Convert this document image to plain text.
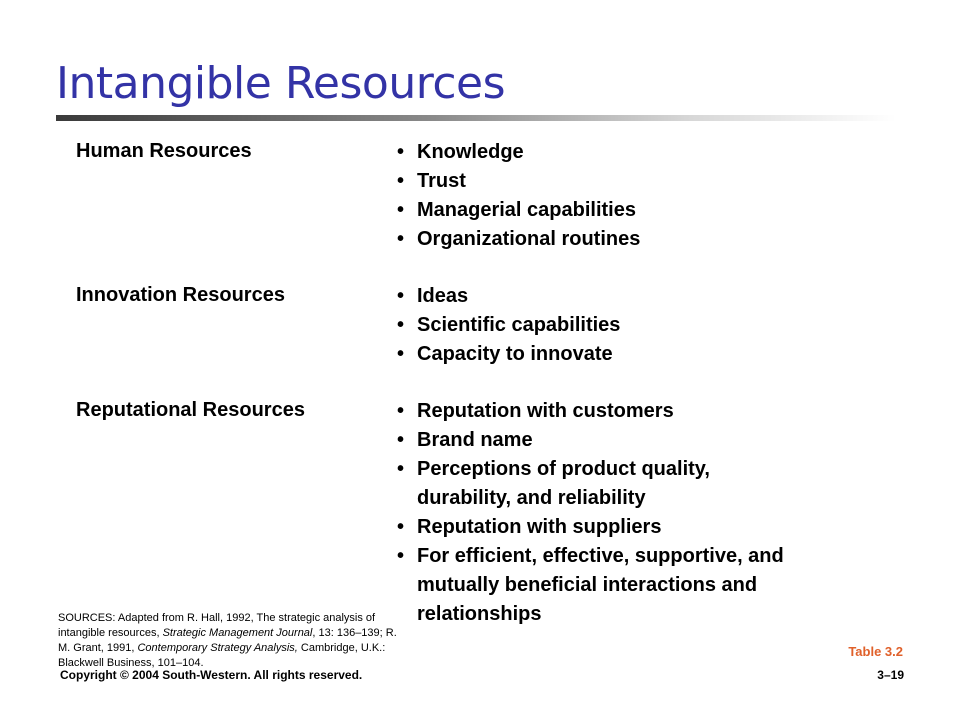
Intangible Resources
Human Resources	• Knowledge
• Trust
• Managerial capabilities
• Organizational routines
Innovation Resources	• Ideas
• Scientific capabilities
• Capacity to innovate
Reputational Resources	• Reputation with customers
• Brand name
• Perceptions of product quality, durability, and reliability
• Reputation with suppliers
• For efficient, effective, supportive, and mutually beneficial interactions and relationships
SOURCES: Adapted from R. Hall, 1992, The strategic analysis of intangible resources, Strategic Management Journal, 13: 136–139; R. M. Grant, 1991, Contemporary Strategy Analysis, Cambridge, U.K.: Blackwell Business, 101–104.
Table 3.2
Copyright © 2004 South-Western. All rights reserved.	3–19
